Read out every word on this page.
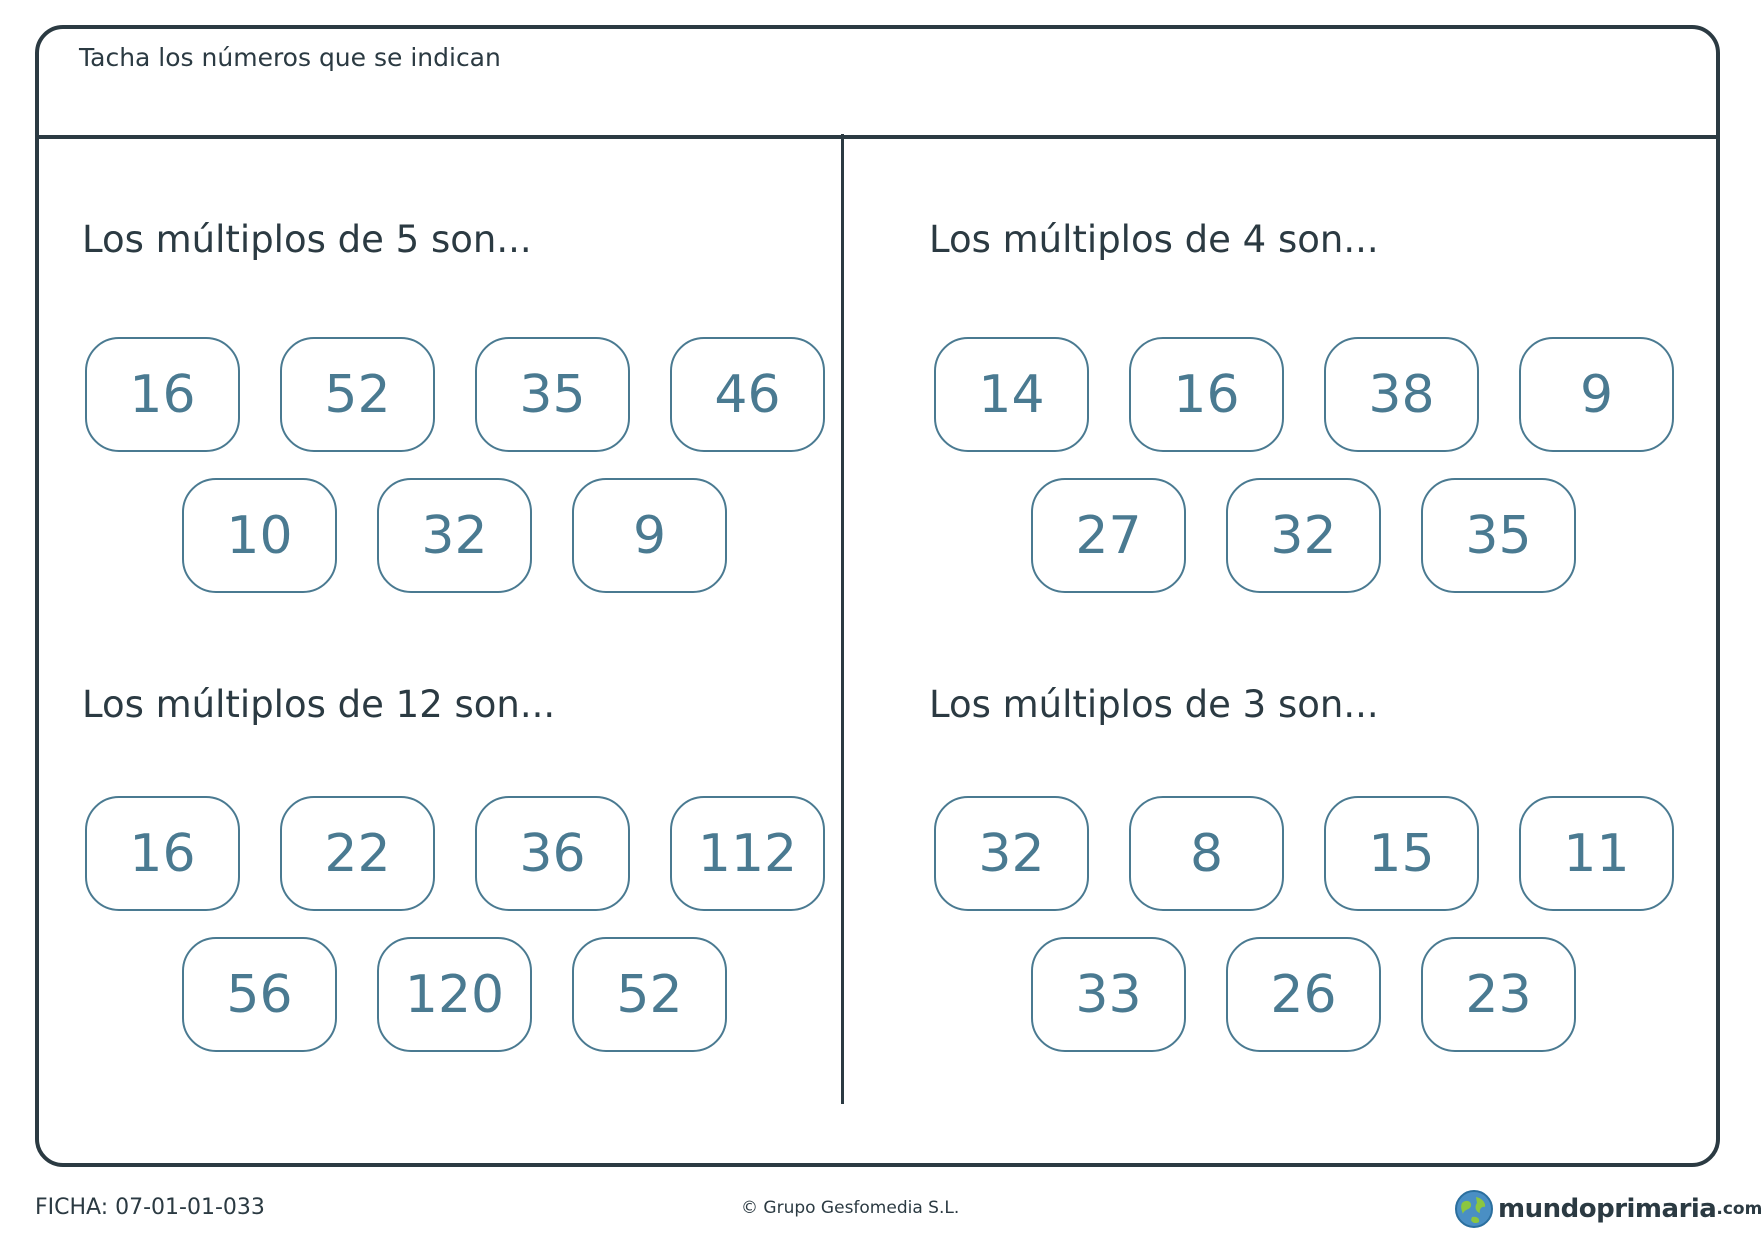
Tacha los números que se indican
Los múltiplos de 5 son...
16	52	35	46
10	32	9
Los múltiplos de 4 son...
14	16	38	9
27	32	35
Los múltiplos de 12 son...
16	22	36	112
56	120	52
Los múltiplos de 3 son...
32	8	15	11
33	26	23
FICHA: 07-01-01-033	© Grupo Gesfomedia S.L.	mundoprimaria .com
